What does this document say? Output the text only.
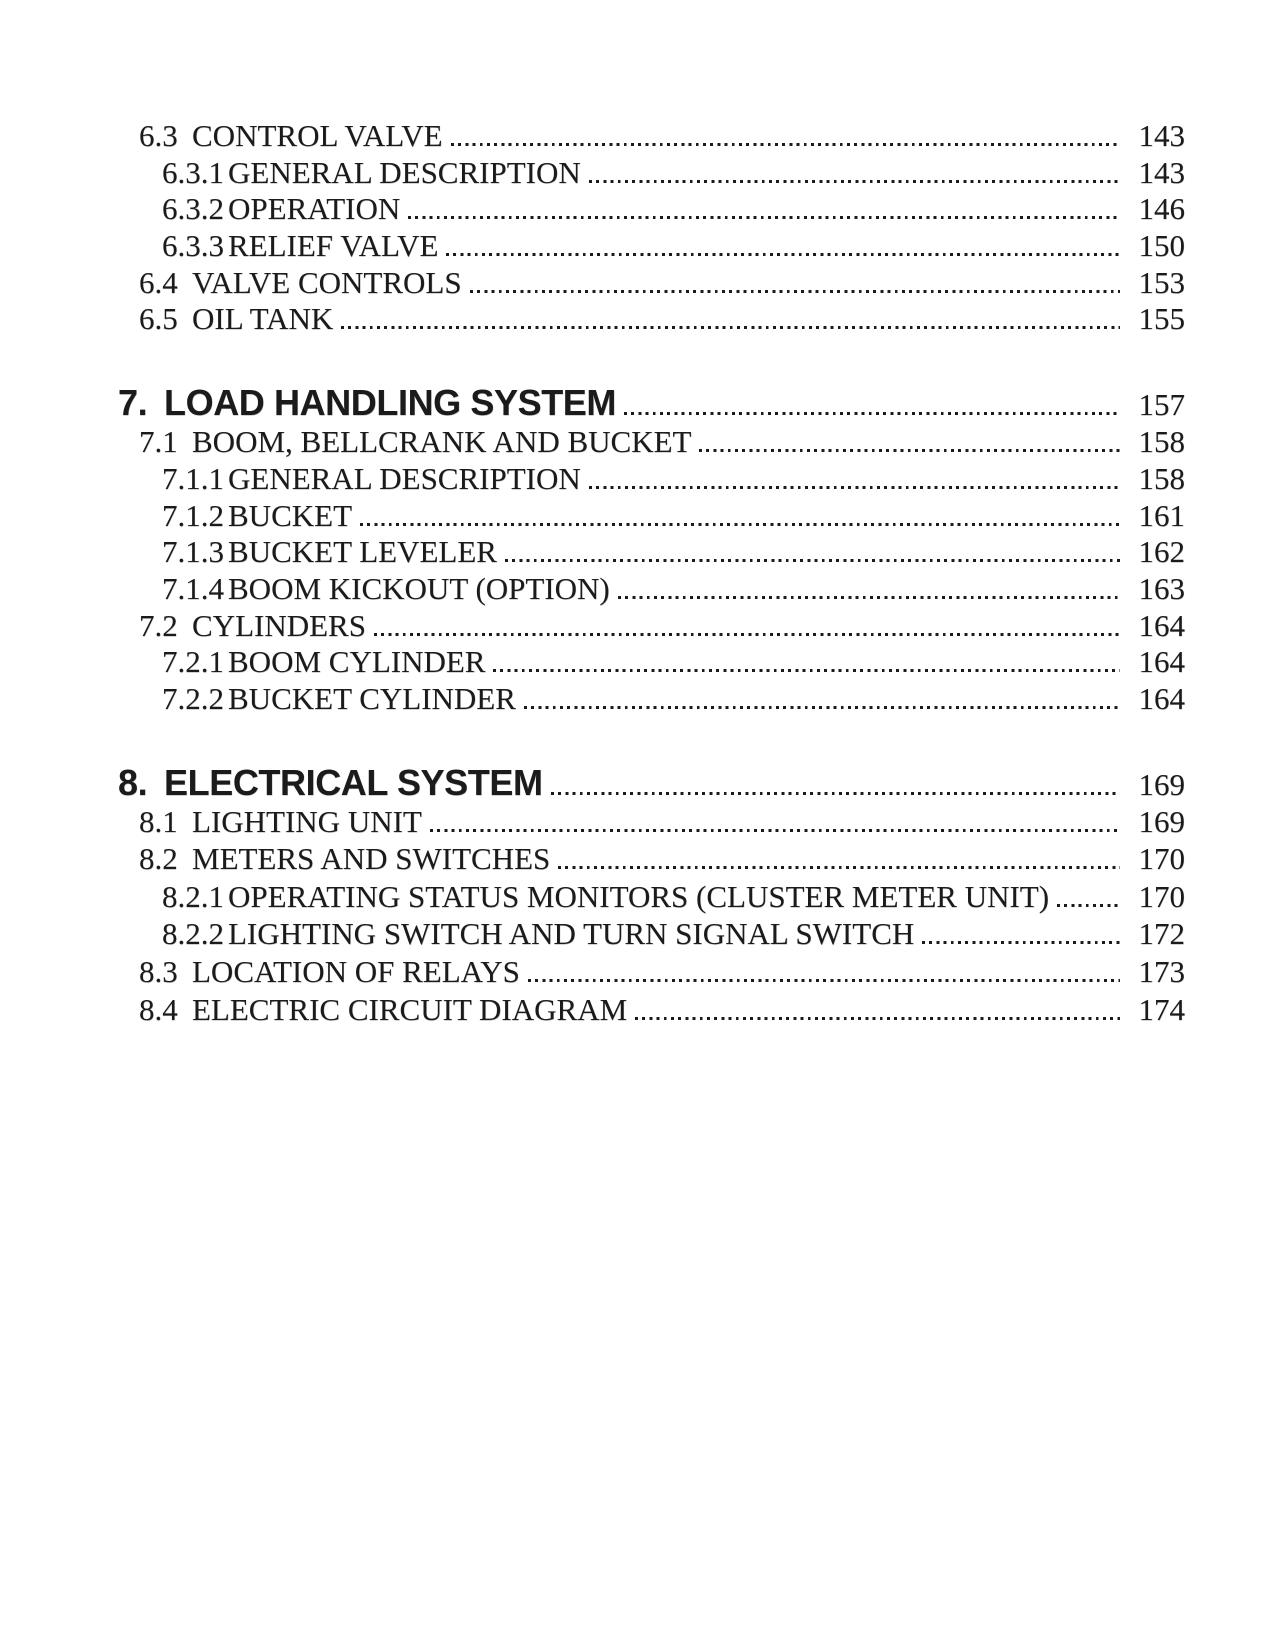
6.3 CONTROL VALVE	143
6.3.1 GENERAL DESCRIPTION	143
6.3.2 OPERATION	146
6.3.3 RELIEF VALVE	150
6.4 VALVE CONTROLS	153
6.5 OIL TANK	155
7. LOAD HANDLING SYSTEM	157
7.1 BOOM, BELLCRANK AND BUCKET	158
7.1.1 GENERAL DESCRIPTION	158
7.1.2 BUCKET	161
7.1.3 BUCKET LEVELER	162
7.1.4 BOOM KICKOUT (OPTION)	163
7.2 CYLINDERS	164
7.2.1 BOOM CYLINDER	164
7.2.2 BUCKET CYLINDER	164
8. ELECTRICAL SYSTEM	169
8.1 LIGHTING UNIT	169
8.2 METERS AND SWITCHES	170
8.2.1 OPERATING STATUS MONITORS (CLUSTER METER UNIT)	170
8.2.2 LIGHTING SWITCH AND TURN SIGNAL SWITCH	172
8.3 LOCATION OF RELAYS	173
8.4 ELECTRIC CIRCUIT DIAGRAM	174
